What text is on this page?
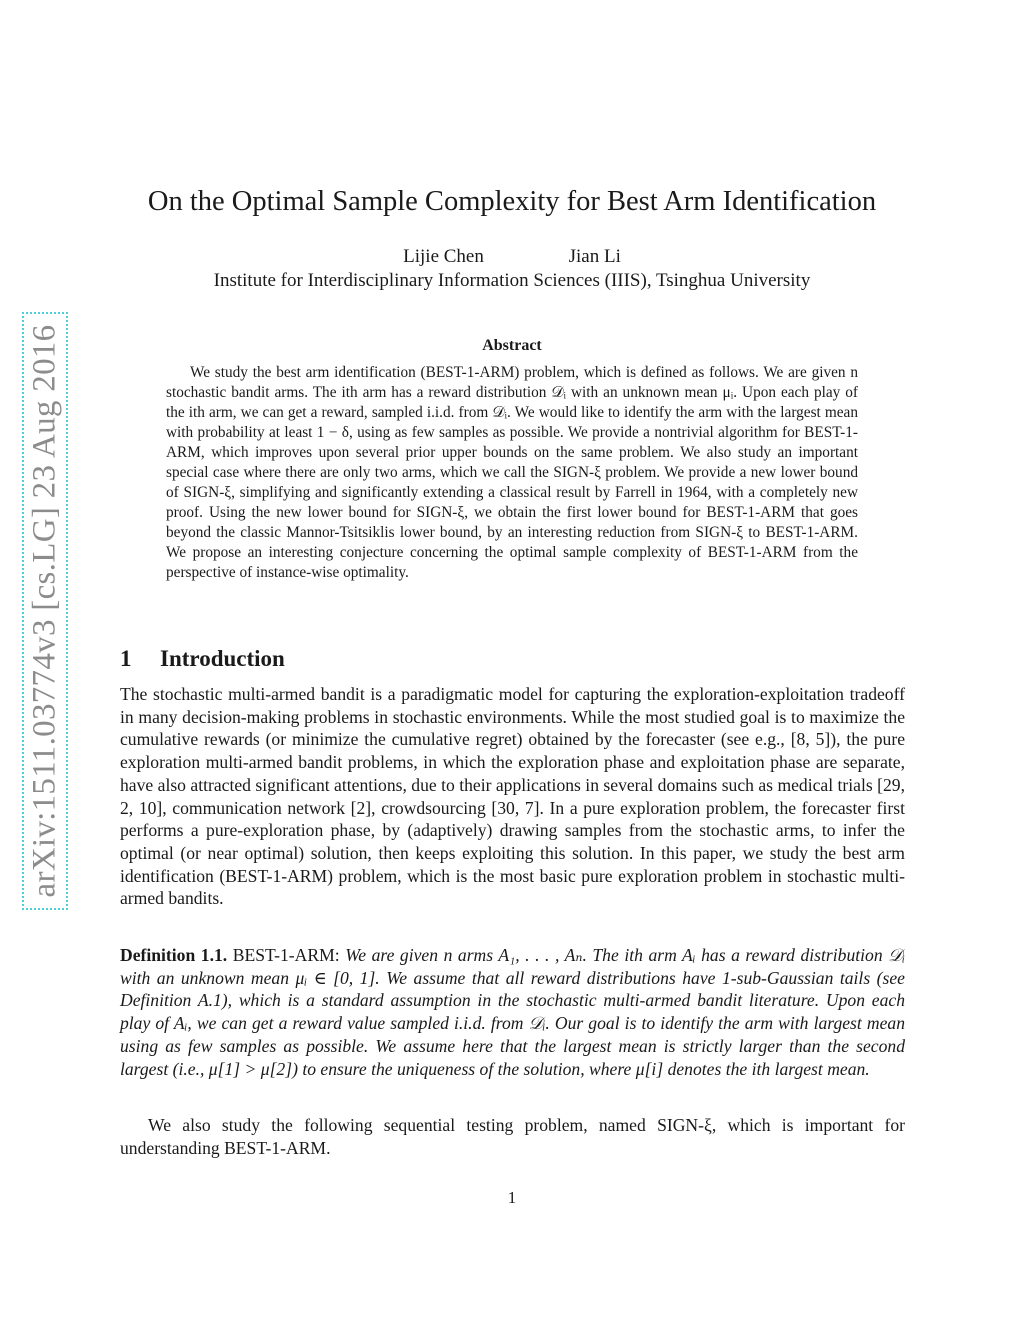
arXiv:1511.03774v3 [cs.LG] 23 Aug 2016
On the Optimal Sample Complexity for Best Arm Identification
Lijie Chen	Jian Li
Institute for Interdisciplinary Information Sciences (IIIS), Tsinghua University
Abstract

We study the best arm identification (BEST-1-ARM) problem, which is defined as follows. We are given n stochastic bandit arms. The ith arm has a reward distribution 𝒟ᵢ with an unknown mean μᵢ. Upon each play of the ith arm, we can get a reward, sampled i.i.d. from 𝒟ᵢ. We would like to identify the arm with the largest mean with probability at least 1 − δ, using as few samples as possible. We provide a nontrivial algorithm for BEST-1-ARM, which improves upon several prior upper bounds on the same problem. We also study an important special case where there are only two arms, which we call the SIGN-ξ problem. We provide a new lower bound of SIGN-ξ, simplifying and significantly extending a classical result by Farrell in 1964, with a completely new proof. Using the new lower bound for SIGN-ξ, we obtain the first lower bound for BEST-1-ARM that goes beyond the classic Mannor-Tsitsiklis lower bound, by an interesting reduction from SIGN-ξ to BEST-1-ARM. We propose an interesting conjecture concerning the optimal sample complexity of BEST-1-ARM from the perspective of instance-wise optimality.

1 Introduction

The stochastic multi-armed bandit is a paradigmatic model for capturing the exploration-exploitation tradeoff in many decision-making problems in stochastic environments. While the most studied goal is to maximize the cumulative rewards (or minimize the cumulative regret) obtained by the forecaster (see e.g., [8, 5]), the pure exploration multi-armed bandit problems, in which the exploration phase and exploitation phase are separate, have also attracted significant attentions, due to their applications in several domains such as medical trials [29, 2, 10], communication network [2], crowdsourcing [30, 7]. In a pure exploration problem, the forecaster first performs a pure-exploration phase, by (adaptively) drawing samples from the stochastic arms, to infer the optimal (or near optimal) solution, then keeps exploiting this solution. In this paper, we study the best arm identification (BEST-1-ARM) problem, which is the most basic pure exploration problem in stochastic multi-armed bandits.

Definition 1.1. BEST-1-ARM: We are given n arms A₁, . . . , Aₙ. The ith arm Aᵢ has a reward distribution 𝒟ᵢ with an unknown mean μᵢ ∈ [0, 1]. We assume that all reward distributions have 1-sub-Gaussian tails (see Definition A.1), which is a standard assumption in the stochastic multi-armed bandit literature. Upon each play of Aᵢ, we can get a reward value sampled i.i.d. from 𝒟ᵢ. Our goal is to identify the arm with largest mean using as few samples as possible. We assume here that the largest mean is strictly larger than the second largest (i.e., μ[1] > μ[2]) to ensure the uniqueness of the solution, where μ[i] denotes the ith largest mean.

We also study the following sequential testing problem, named SIGN-ξ, which is important for understanding BEST-1-ARM.

1
